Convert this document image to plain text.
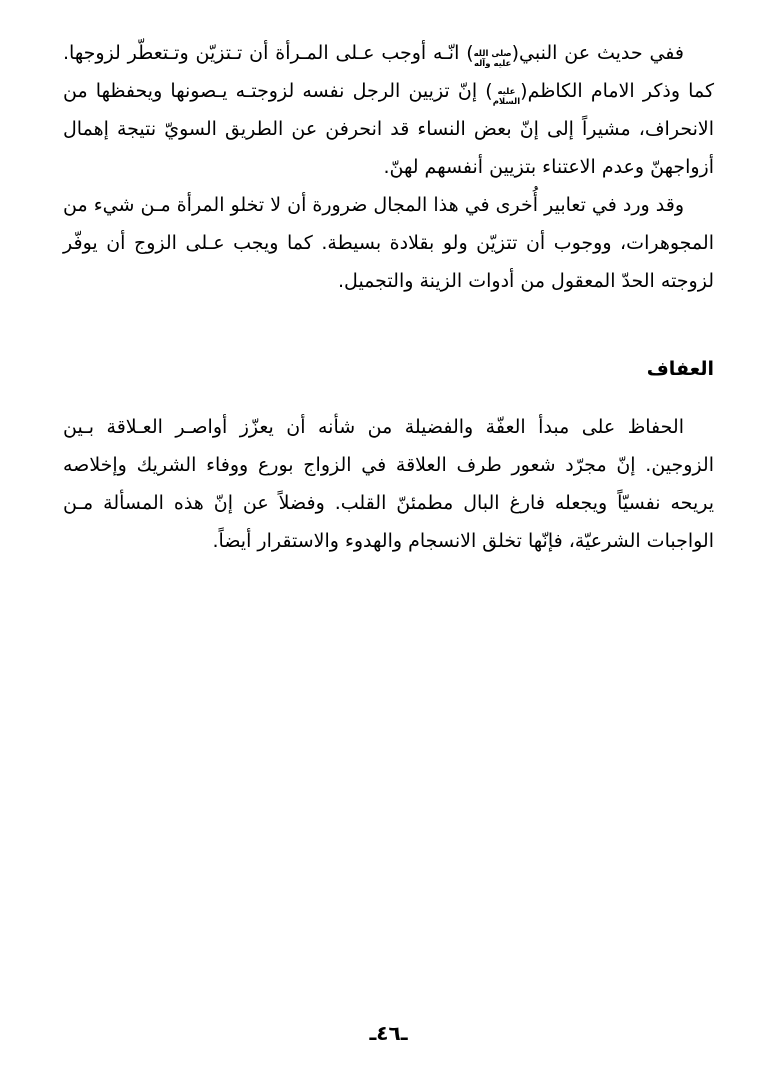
ففي حديث عن النبي(
صلى الله
عليه وآله
) انّـه أوجب عـلى المـرأة أن تـتزيّن وتـتعطّر لزوجها. كما وذكر الامام الكاظم(
عليه
السلام
) إنّ تزيين الرجل نفسه لزوجتـه يـصونها ويحفظها من الانحراف، مشيراً إلى إنّ بعض النساء قد انحرفن عن الطريق السويّ نتيجة إهمال أزواجهنّ وعدم الاعتناء بتزيين أنفسهم لهنّ.

وقد ورد في تعابير أُخرى في هذا المجال ضرورة أن لا تخلو المرأة مـن شيء من المجوهرات، ووجوب أن تتزيّن ولو بقلادة بسيطة. كما ويجب عـلى الزوج أن يوفّر لزوجته الحدّ المعقول من أدوات الزينة والتجميل.

العفاف

الحفاظ على مبدأ العفّة والفضيلة من شأنه أن يعزّز أواصـر العـلاقة بـين الزوجين. إنّ مجرّد شعور طرف العلاقة في الزواج بورع ووفاء الشريك وإخلاصه يريحه نفسيّاً ويجعله فارغ البال مطمئنّ القلب. وفضلاً عن إنّ هذه المسألة مـن الواجبات الشرعيّة، فإنّها تخلق الانسجام والهدوء والاستقرار أيضاً.

ـ٤٦ـ
